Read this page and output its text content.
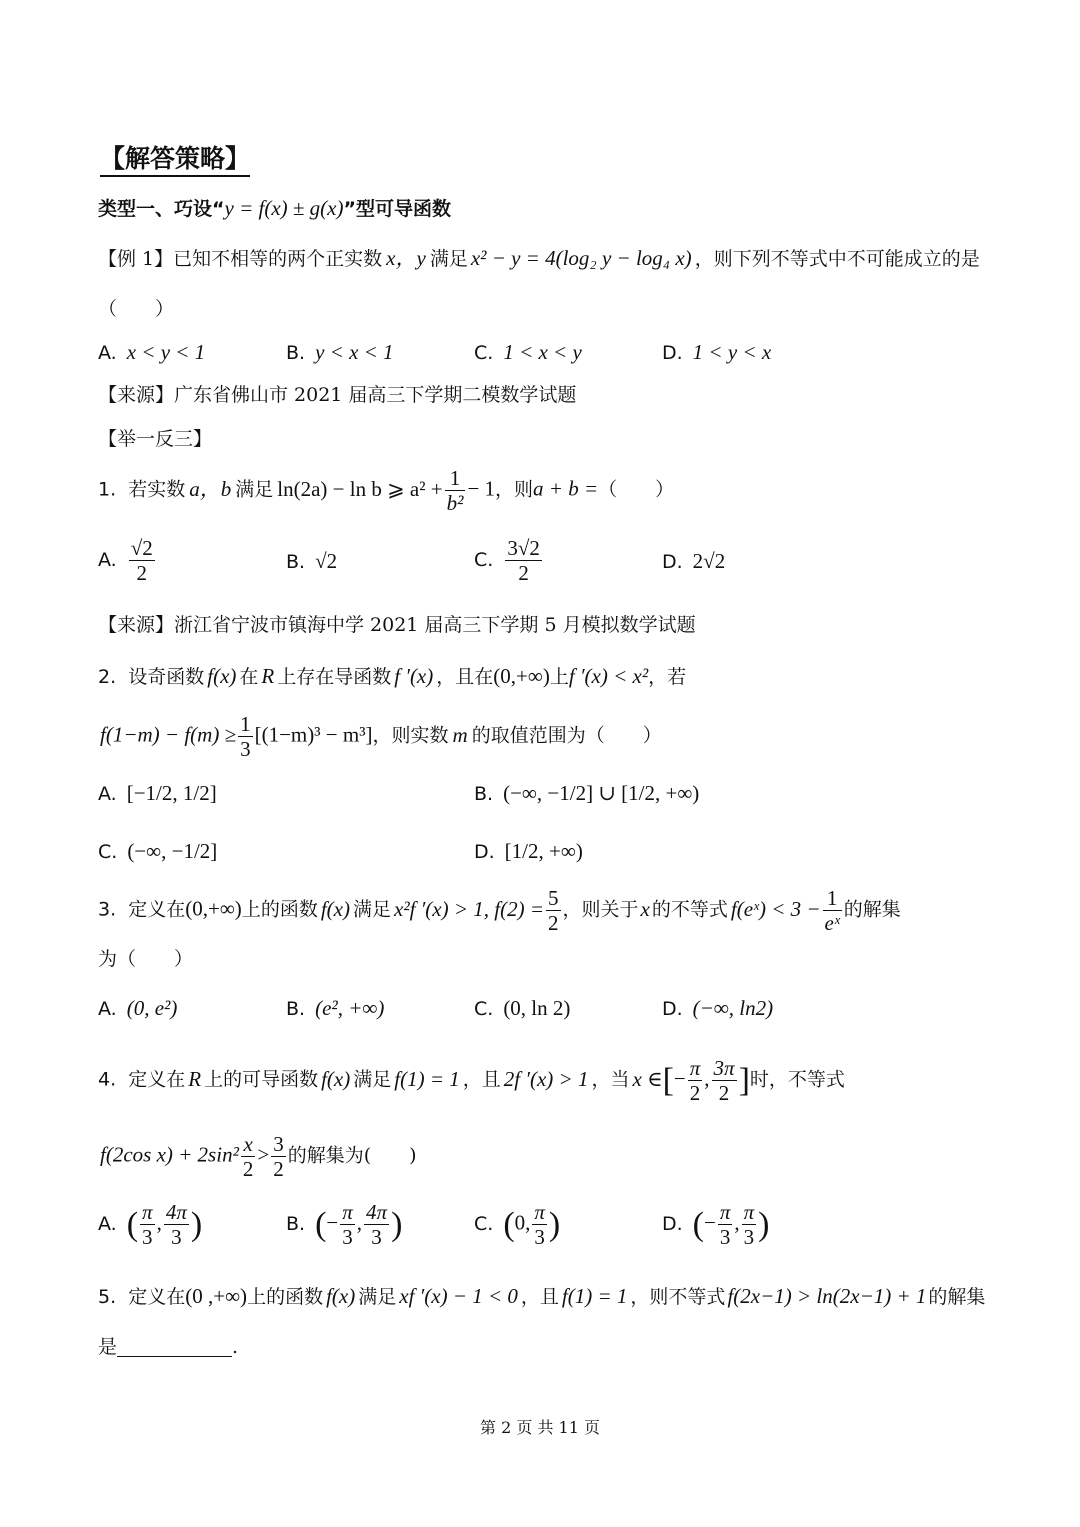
【解答策略】
类型一、巧设“y = f(x) ± g(x)”型可导函数
【例 1】已知不相等的两个正实数 x，y 满足 x² − y = 4(log₂ y − log₄ x) ，则下列不等式中不可能成立的是
（　　）
A. x < y < 1	B. y < x < 1	C. 1 < x < y	D. 1 < y < x
【来源】广东省佛山市 2021 届高三下学期二模数学试题
【举一反三】
1. 若实数 a，b 满足 ln(2a) − ln b ⩾ $a^2 + \frac{1}{\text{b²}} - 1$，则a + b =（　　）
A. $\frac{√2}{2}$	B. √2	C. $\frac{3√2}{2}$	D. 2√2
【来源】浙江省宁波市镇海中学 2021 届高三下学期 5 月模拟数学试题
2. 设奇函数 f(x) 在 R 上存在导函数 f ′(x) ，且在(0,+∞)上f ′(x) < x²，若
$f(1-m) - f(m) \ge \frac{1}{3} [(1-m)^3 - m^3]$，则实数 m 的取值范围为（　　）
A. [−1/2, 1/2]	B. (−∞, −1/2] ∪ [1/2, +∞)
C. (−∞, −1/2]	D. [1/2, +∞)
3. 定义在(0,+∞)上的函数 f(x) 满足 x²f ′(x) > 1, $f(2) = \frac{5}{2}$ ，则关于x 的不等式 f(eˣ) < $3 - \frac{1}{\text{eˣ}}$ 的解集
为（　　）
A. (0, e²)	B. (e², +∞)	C. (0, ln 2)	D. (−∞, ln2)
4. 定义在 R 上的可导函数 f(x) 满足 f(1) = 1 ，且 2f ′(x) > 1 ，当 x ∈[− $\frac{\pi}{2}$ , $\frac{3\pi}{2}$ ]时，不等式
f(2cos $x) + 2\sin^2 \frac{x}{2} > \frac{3}{2}$ 的解集为(　　)
A. ( $\frac{\pi}{3}$ , $\frac{4\pi}{3}$ )	B. (− $\frac{\pi}{3}$ , $\frac{4\pi}{3}$ )	C. (0, $\frac{\pi}{3}$ )	D. (− $\frac{\pi}{3}$ , $\frac{\pi}{3}$ )
5. 定义在(0 ,+∞)上的函数 f(x) 满足 xf ′(x) − 1 < 0 ，且 f(1) = 1 ，则不等式f(2x−1) > ln(2x−1) + 1 的解集
是	.
第 2 页 共 11 页
